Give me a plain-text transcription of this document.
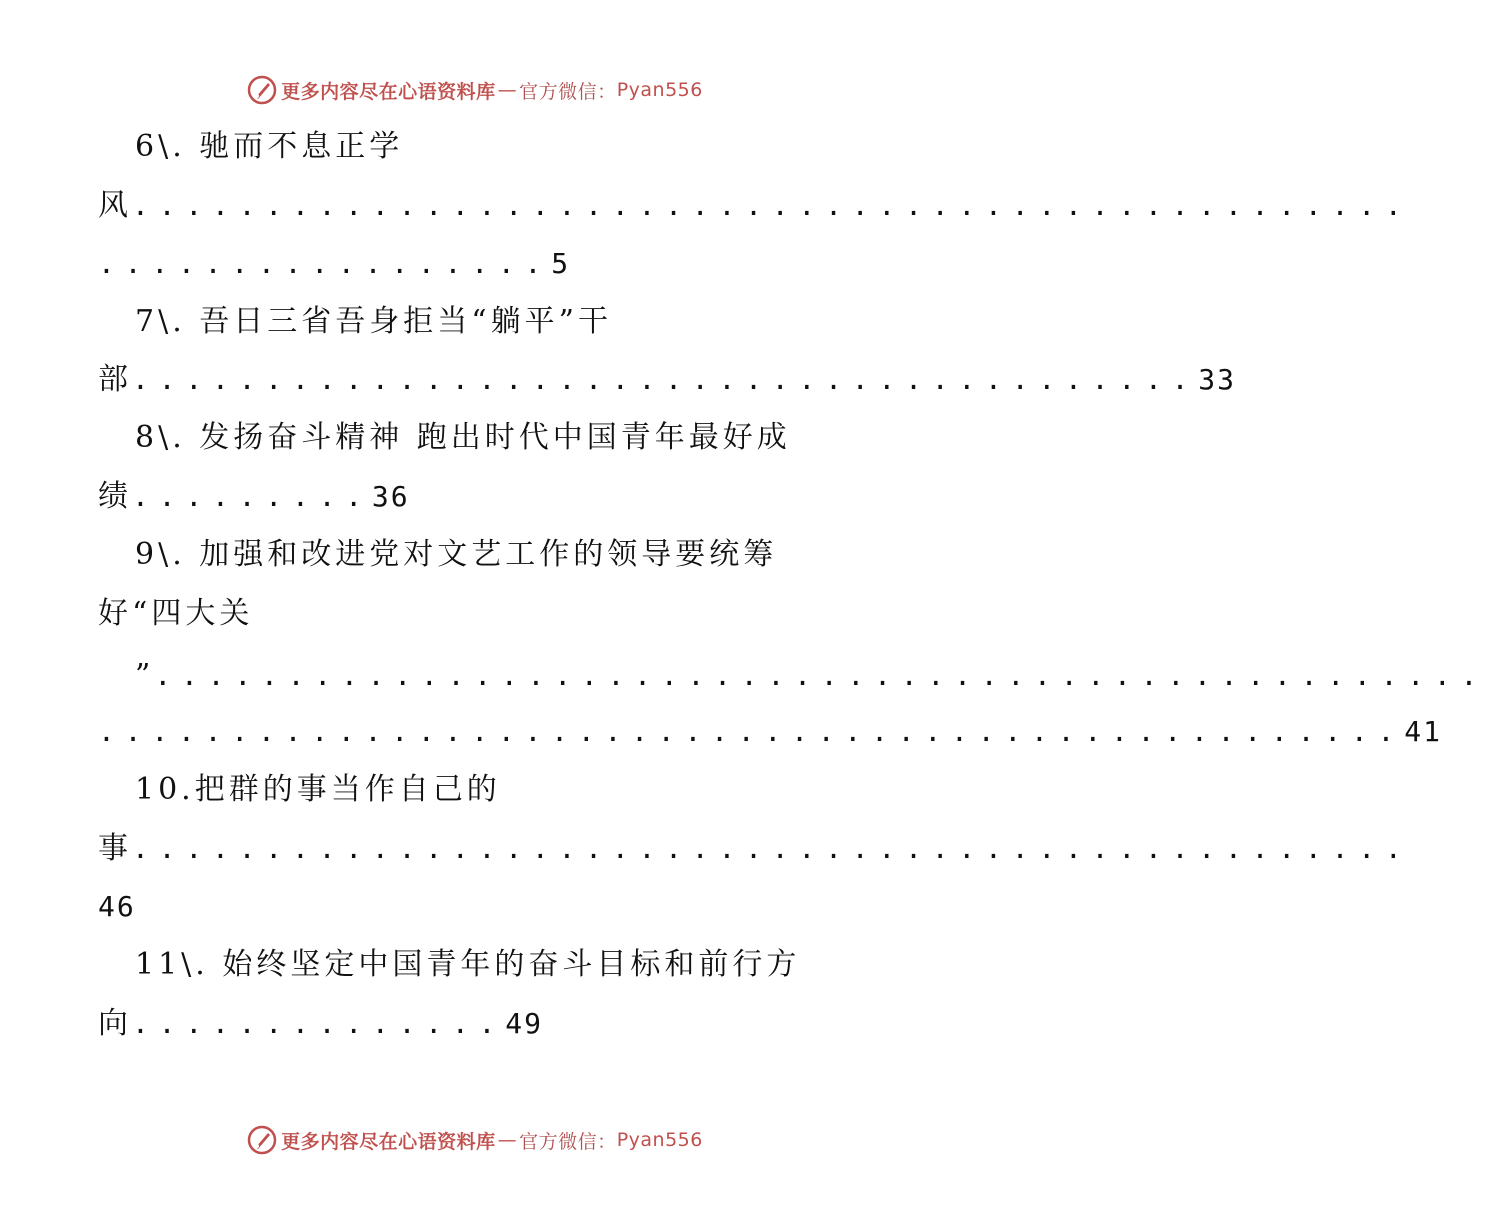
更多内容尽在心语资料库 — 官方微信： Pyan556
6\. 驰而不息正学
风................................................
.................5
7\. 吾日三省吾身拒当“躺平”干
部........................................33
8\. 发扬奋斗精神 跑出时代中国青年最好成
绩.........36
9\. 加强和改进党对文艺工作的领导要统筹
好“四大关
”..................................................
.................................................41
10.把群的事当作自己的
事................................................
46
11\. 始终坚定中国青年的奋斗目标和前行方
向..............49
更多内容尽在心语资料库 — 官方微信： Pyan556
